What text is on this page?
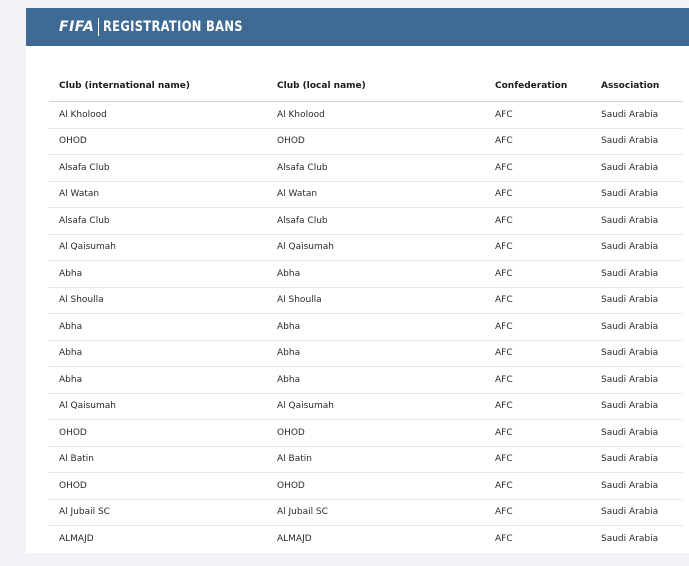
FIFA REGISTRATION BANS
Club (international name)	Club (local name)	Confederation	Association
Al Kholood	Al Kholood	AFC	Saudi Arabia
OHOD	OHOD	AFC	Saudi Arabia
Alsafa Club	Alsafa Club	AFC	Saudi Arabia
Al Watan	Al Watan	AFC	Saudi Arabia
Alsafa Club	Alsafa Club	AFC	Saudi Arabia
Al Qaisumah	Al Qaisumah	AFC	Saudi Arabia
Abha	Abha	AFC	Saudi Arabia
Al Shoulla	Al Shoulla	AFC	Saudi Arabia
Abha	Abha	AFC	Saudi Arabia
Abha	Abha	AFC	Saudi Arabia
Abha	Abha	AFC	Saudi Arabia
Al Qaisumah	Al Qaisumah	AFC	Saudi Arabia
OHOD	OHOD	AFC	Saudi Arabia
Al Batin	Al Batin	AFC	Saudi Arabia
OHOD	OHOD	AFC	Saudi Arabia
Al Jubail SC	Al Jubail SC	AFC	Saudi Arabia
ALMAJD	ALMAJD	AFC	Saudi Arabia
